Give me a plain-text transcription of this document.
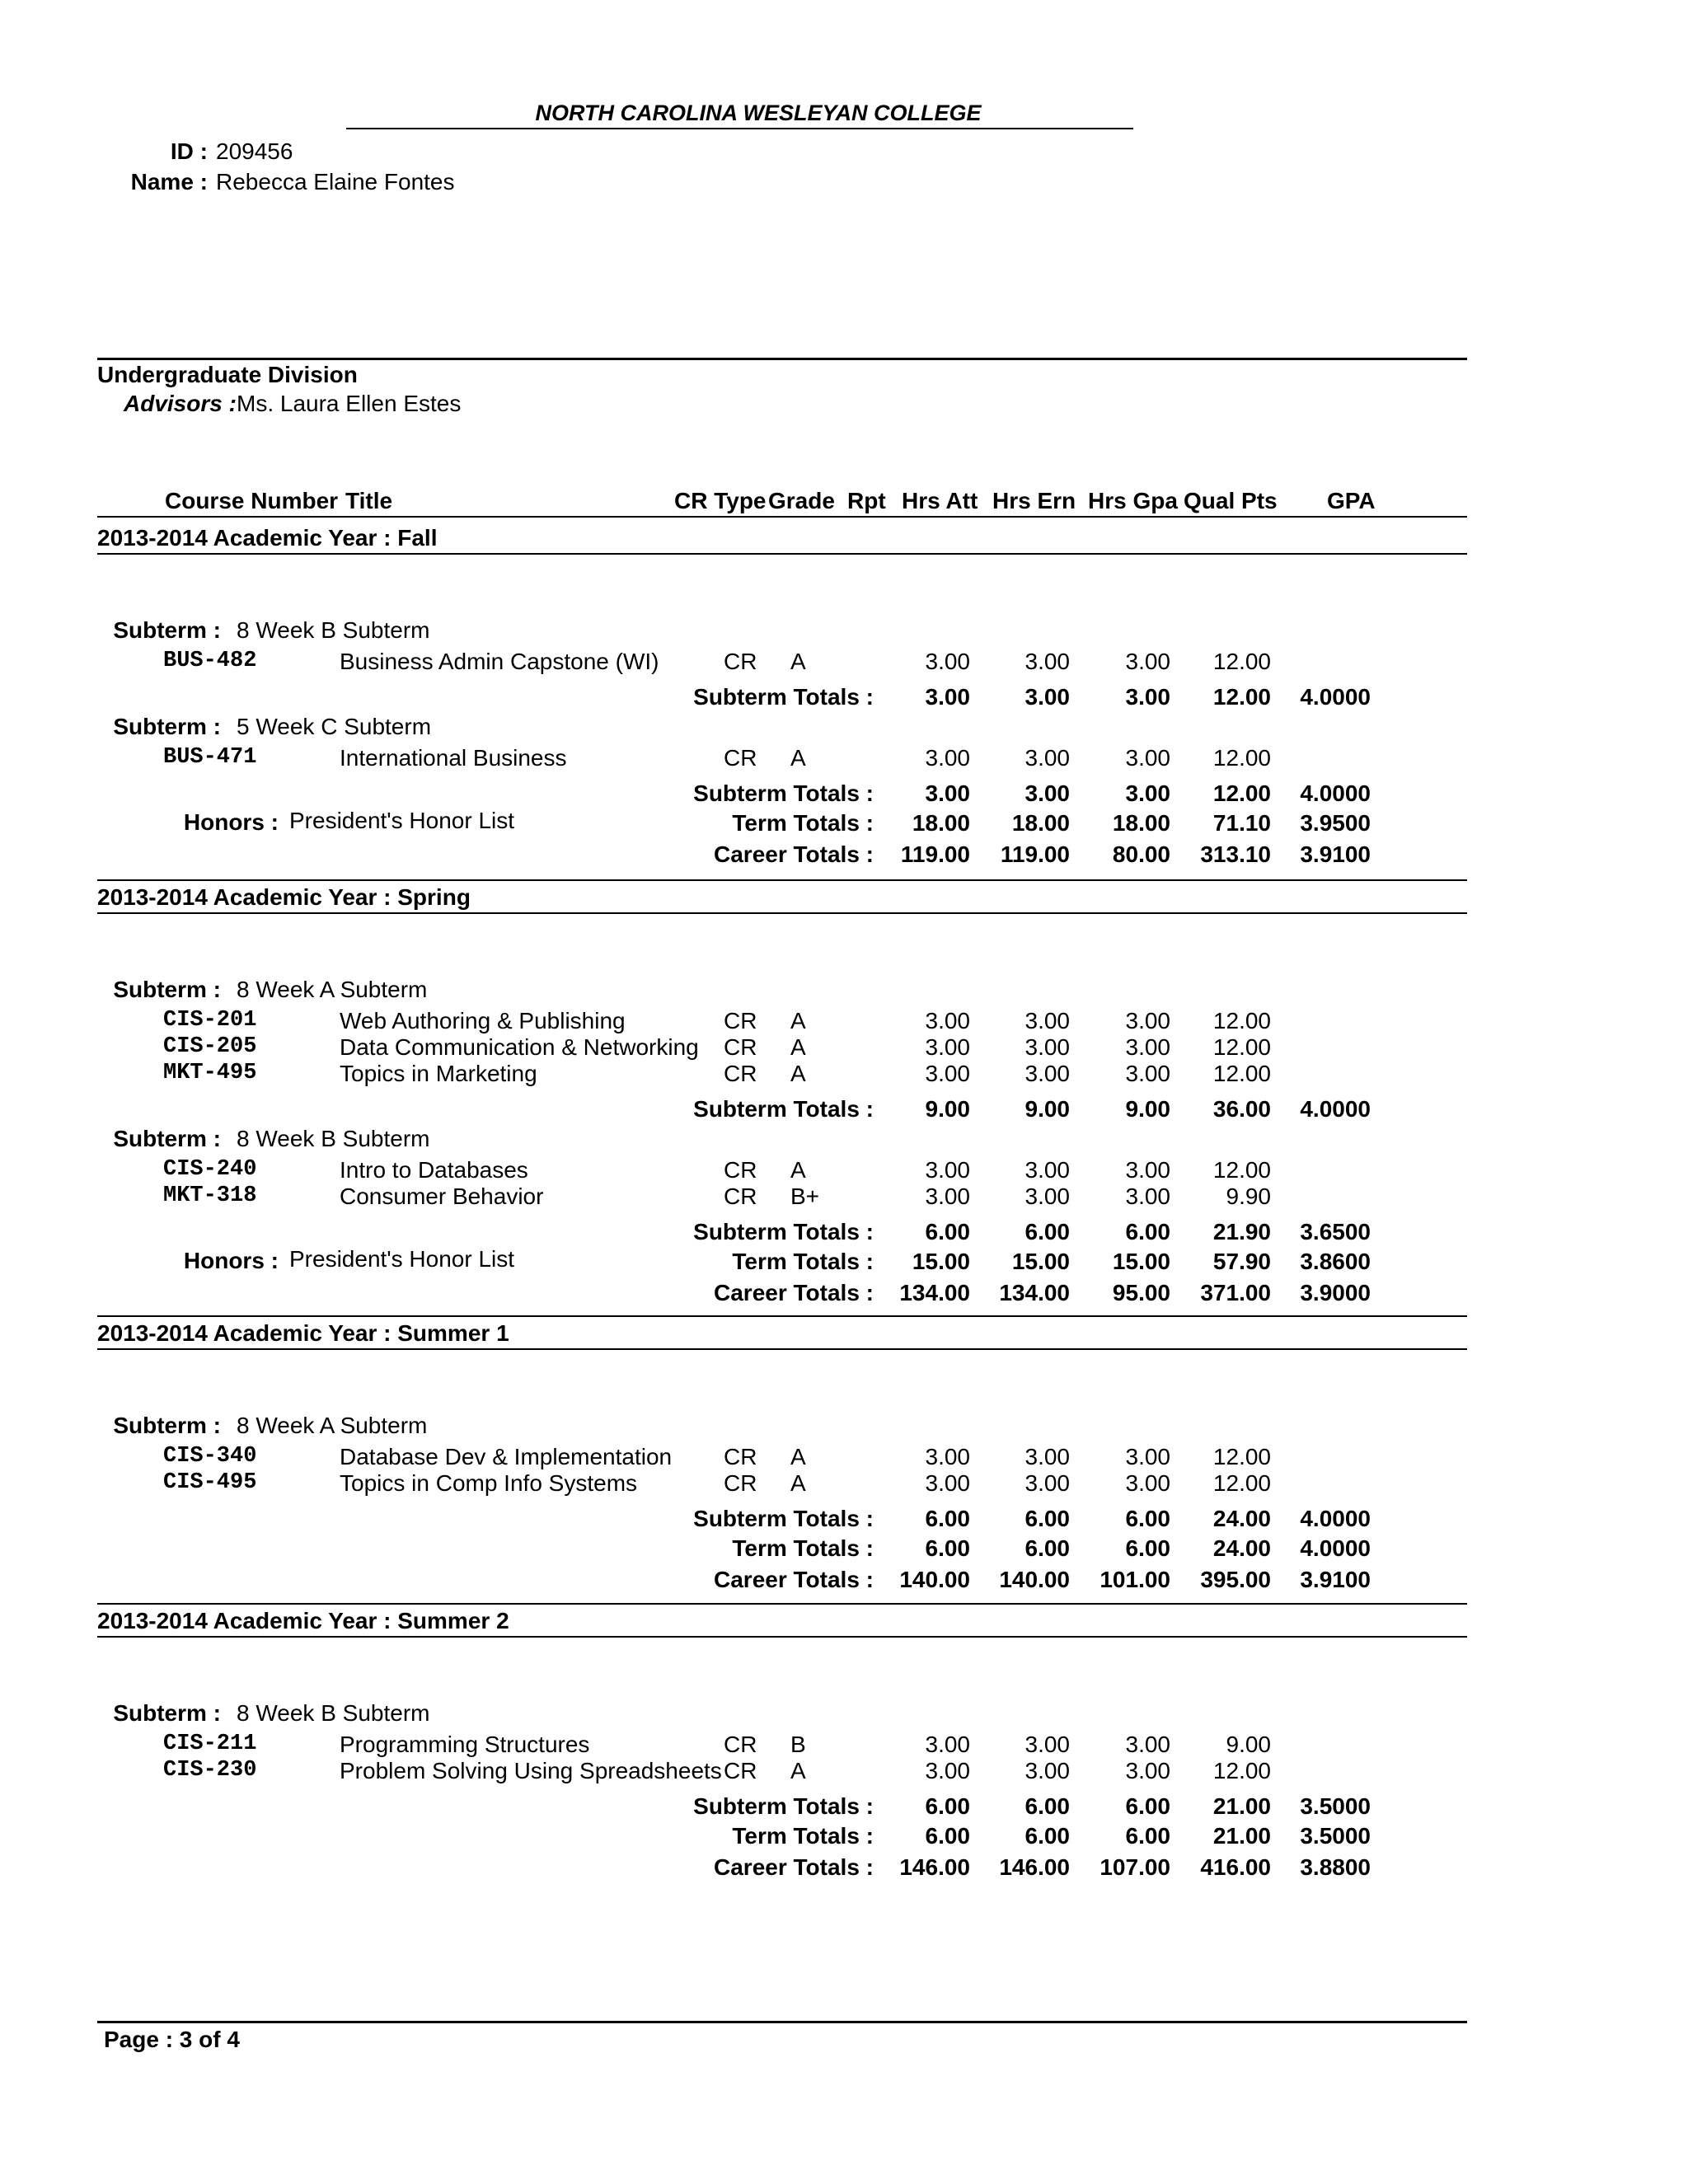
NORTH CAROLINA WESLEYAN COLLEGE
ID : 209456
Name : Rebecca Elaine Fontes
Undergraduate Division
Advisors : Ms. Laura Ellen Estes
Course Number Title	CR Type Grade Rpt Hrs Att Hrs Ern Hrs Gpa Qual Pts GPA
2013-2014 Academic Year : Fall
Subterm : 8 Week B Subterm
BUS-482	Business Admin Capstone (WI)	CR A	3.00	3.00	3.00	12.00
Subterm Totals :	3.00	3.00	3.00	12.00	4.0000
Subterm : 5 Week C Subterm
BUS-471	International Business	CR A	3.00	3.00	3.00	12.00
Subterm Totals :	3.00	3.00	3.00	12.00	4.0000
Honors : President's Honor List	Term Totals :	18.00	18.00	18.00	71.10	3.9500
Career Totals :	119.00	119.00	80.00	313.10	3.9100
2013-2014 Academic Year : Spring
Subterm : 8 Week A Subterm
CIS-201	Web Authoring & Publishing	CR A	3.00	3.00	3.00	12.00
CIS-205	Data Communication & Networking CR A	3.00	3.00	3.00	12.00
MKT-495	Topics in Marketing	CR A	3.00	3.00	3.00	12.00
Subterm Totals :	9.00	9.00	9.00	36.00	4.0000
Subterm : 8 Week B Subterm
CIS-240	Intro to Databases	CR A	3.00	3.00	3.00	12.00
MKT-318	Consumer Behavior	CR B+	3.00	3.00	3.00	9.90
Subterm Totals :	6.00	6.00	6.00	21.90	3.6500
Honors : President's Honor List	Term Totals :	15.00	15.00	15.00	57.90	3.8600
Career Totals :	134.00	134.00	95.00	371.00	3.9000
2013-2014 Academic Year : Summer 1
Subterm : 8 Week A Subterm
CIS-340	Database Dev & Implementation CR A	3.00	3.00	3.00	12.00
CIS-495	Topics in Comp Info Systems	CR A	3.00	3.00	3.00	12.00
Subterm Totals :	6.00	6.00	6.00	24.00	4.0000
Term Totals :	6.00	6.00	6.00	24.00	4.0000
Career Totals :	140.00	140.00	101.00	395.00	3.9100
2013-2014 Academic Year : Summer 2
Subterm : 8 Week B Subterm
CIS-211	Programming Structures	CR B	3.00	3.00	3.00	9.00
CIS-230	Problem Solving Using Spreadsheets CR A	3.00	3.00	3.00	12.00
Subterm Totals :	6.00	6.00	6.00	21.00	3.5000
Term Totals :	6.00	6.00	6.00	21.00	3.5000
Career Totals :	146.00	146.00	107.00	416.00	3.8800
Page : 3 of 4
